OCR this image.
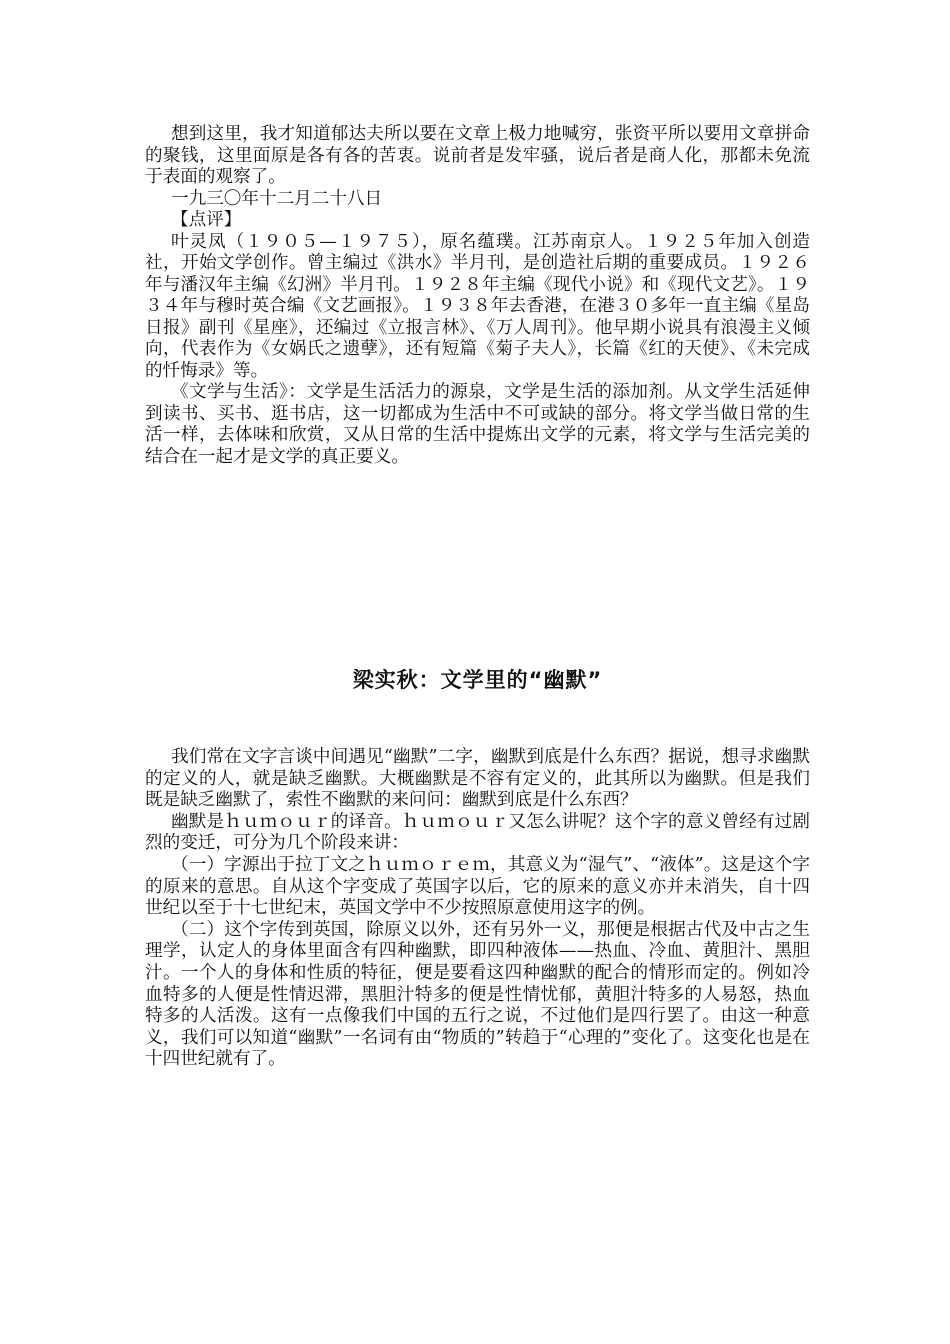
想到这里，我才知道郁达夫所以要在文章上极力地喊穷，张资平所以要用文章拼命的聚钱，这里面原是各有各的苦衷。说前者是发牢骚，说后者是商人化，那都未免流于表面的观察了。

一九三〇年十二月二十八日

【点评】

叶灵凤（１９０５—１９７５），原名蕴璞。江苏南京人。１９２５年加入创造社，开始文学创作。曾主编过《洪水》半月刊，是创造社后期的重要成员。１９２６年与潘汉年主编《幻洲》半月刊。１９２８年主编《现代小说》和《现代文艺》。１９３４年与穆时英合编《文艺画报》。１９３８年去香港，在港３０多年一直主编《星岛日报》副刊《星座》，还编过《立报言林》、《万人周刊》。他早期小说具有浪漫主义倾向，代表作为《女娲氏之遗孽》，还有短篇《菊子夫人》，长篇《红的天使》、《未完成的忏悔录》等。

《文学与生活》：文学是生活活力的源泉，文学是生活的添加剂。从文学生活延伸到读书、买书、逛书店，这一切都成为生活中不可或缺的部分。将文学当做日常的生活一样，去体味和欣赏，又从日常的生活中提炼出文学的元素，将文学与生活完美的结合在一起才是文学的真正要义。

梁实秋：文学里的“幽默”

我们常在文字言谈中间遇见“幽默”二字，幽默到底是什么东西？据说，想寻求幽默的定义的人，就是缺乏幽默。大概幽默是不容有定义的，此其所以为幽默。但是我们既是缺乏幽默了，索性不幽默的来问问：幽默到底是什么东西？

幽默是ｈｕｍｏｕｒ的译音。ｈｕｍｏｕｒ又怎么讲呢？这个字的意义曾经有过剧烈的变迁，可分为几个阶段来讲：

（一）字源出于拉丁文之ｈｕｍｏｒｅｍ，其意义为“湿气”、“液体”。这是这个字的原来的意思。自从这个字变成了英国字以后，它的原来的意义亦并未消失，自十四世纪以至于十七世纪末，英国文学中不少按照原意使用这字的例。

（二）这个字传到英国，除原义以外，还有另外一义，那便是根据古代及中古之生理学，认定人的身体里面含有四种幽默，即四种液体——热血、冷血、黄胆汁、黑胆汁。一个人的身体和性质的特征，便是要看这四种幽默的配合的情形而定的。例如冷血特多的人便是性情迟滞，黑胆汁特多的便是性情忧郁，黄胆汁特多的人易怒，热血特多的人活泼。这有一点像我们中国的五行之说，不过他们是四行罢了。由这一种意义，我们可以知道“幽默”一名词有由“物质的”转趋于“心理的”变化了。这变化也是在十四世纪就有了。
